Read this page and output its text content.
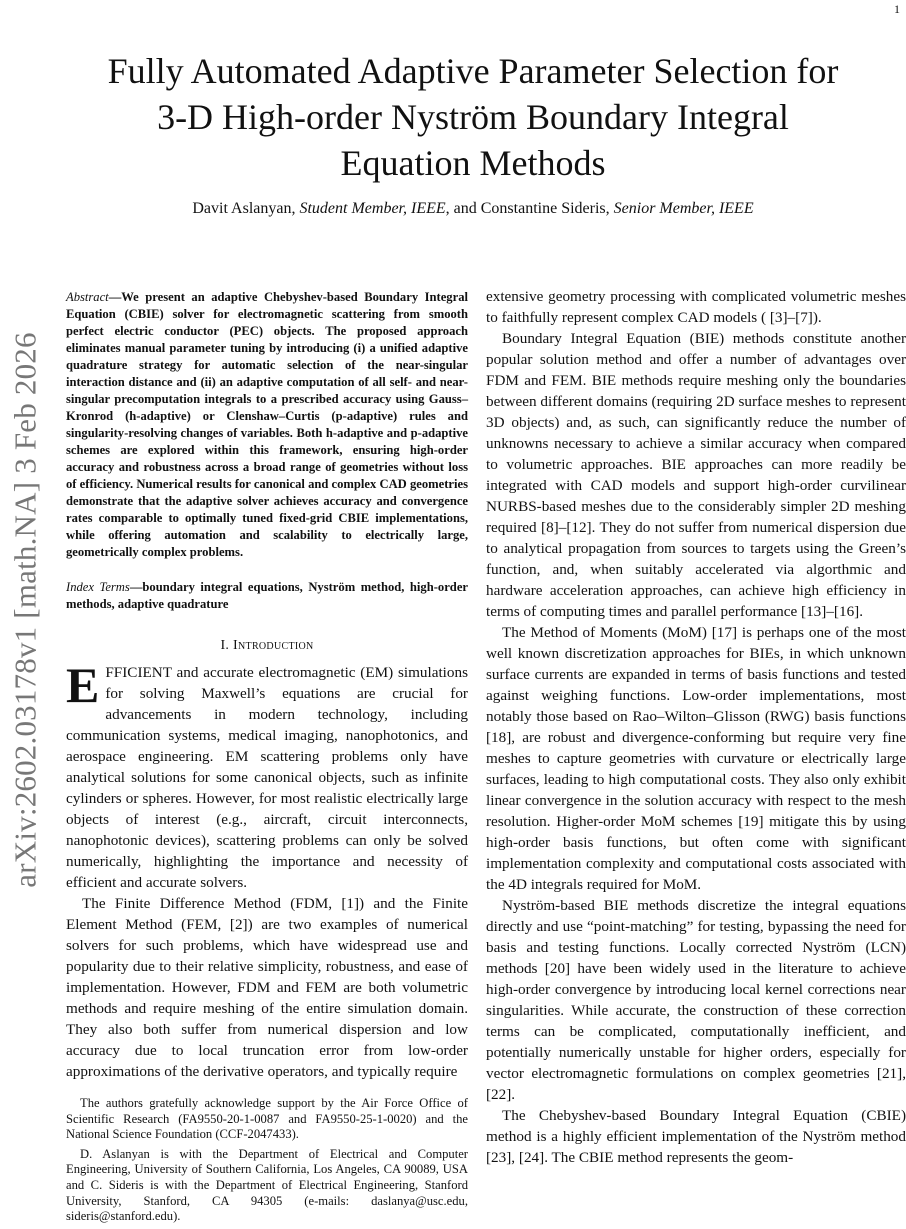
1
arXiv:2602.03178v1 [math.NA] 3 Feb 2026
Fully Automated Adaptive Parameter Selection for
3-D High-order Nyström Boundary Integral
Equation Methods
Davit Aslanyan, Student Member, IEEE, and Constantine Sideris, Senior Member, IEEE

Abstract—We present an adaptive Chebyshev-based Boundary Integral Equation (CBIE) solver for electromagnetic scattering from smooth perfect electric conductor (PEC) objects. The proposed approach eliminates manual parameter tuning by introducing (i) a unified adaptive quadrature strategy for automatic selection of the near-singular interaction distance and (ii) an adaptive computation of all self- and near-singular precomputation integrals to a prescribed accuracy using Gauss–Kronrod (h-adaptive) or Clenshaw–Curtis (p-adaptive) rules and singularity-resolving changes of variables. Both h-adaptive and p-adaptive schemes are explored within this framework, ensuring high-order accuracy and robustness across a broad range of geometries without loss of efficiency. Numerical results for canonical and complex CAD geometries demonstrate that the adaptive solver achieves accuracy and convergence rates comparable to optimally tuned fixed-grid CBIE implementations, while offering automation and scalability to electrically large, geometrically complex problems.

Index Terms—boundary integral equations, Nyström method, high-order methods, adaptive quadrature

I. Introduction

EFFICIENT and accurate electromagnetic (EM) simulations for solving Maxwell’s equations are crucial for advancements in modern technology, including communication systems, medical imaging, nanophotonics, and aerospace engineering. EM scattering problems only have analytical solutions for some canonical objects, such as infinite cylinders or spheres. However, for most realistic electrically large objects of interest (e.g., aircraft, circuit interconnects, nanophotonic devices), scattering problems can only be solved numerically, highlighting the importance and necessity of efficient and accurate solvers.

The Finite Difference Method (FDM, [1]) and the Finite Element Method (FEM, [2]) are two examples of numerical solvers for such problems, which have widespread use and popularity due to their relative simplicity, robustness, and ease of implementation. However, FDM and FEM are both volumetric methods and require meshing of the entire simulation domain. They also both suffer from numerical dispersion and low accuracy due to local truncation error from low-order approximations of the derivative operators, and typically require

extensive geometry processing with complicated volumetric meshes to faithfully represent complex CAD models ( [3]–[7]).

Boundary Integral Equation (BIE) methods constitute another popular solution method and offer a number of advantages over FDM and FEM. BIE methods require meshing only the boundaries between different domains (requiring 2D surface meshes to represent 3D objects) and, as such, can significantly reduce the number of unknowns necessary to achieve a similar accuracy when compared to volumetric approaches. BIE approaches can more readily be integrated with CAD models and support high-order curvilinear NURBS-based meshes due to the considerably simpler 2D meshing required [8]–[12]. They do not suffer from numerical dispersion due to analytical propagation from sources to targets using the Green’s function, and, when suitably accelerated via algorthmic and hardware acceleration approaches, can achieve high efficiency in terms of computing times and parallel performance [13]–[16].

The Method of Moments (MoM) [17] is perhaps one of the most well known discretization approaches for BIEs, in which unknown surface currents are expanded in terms of basis functions and tested against weighing functions. Low-order implementations, most notably those based on Rao–Wilton–Glisson (RWG) basis functions [18], are robust and divergence-conforming but require very fine meshes to capture geometries with curvature or electrically large surfaces, leading to high computational costs. They also only exhibit linear convergence in the solution accuracy with respect to the mesh resolution. Higher-order MoM schemes [19] mitigate this by using high-order basis functions, but often come with significant implementation complexity and computational costs associated with the 4D integrals required for MoM.

Nyström-based BIE methods discretize the integral equations directly and use “point-matching” for testing, bypassing the need for basis and testing functions. Locally corrected Nyström (LCN) methods [20] have been widely used in the literature to achieve high-order convergence by introducing local kernel corrections near singularities. While accurate, the construction of these correction terms can be complicated, computationally inefficient, and potentially numerically unstable for higher orders, especially for vector electromagnetic formulations on complex geometries [21], [22].

The Chebyshev-based Boundary Integral Equation (CBIE) method is a highly efficient implementation of the Nyström method [23], [24]. The CBIE method represents the geom-

The authors gratefully acknowledge support by the Air Force Office of Scientific Research (FA9550-20-1-0087 and FA9550-25-1-0020) and the National Science Foundation (CCF-2047433).

D. Aslanyan is with the Department of Electrical and Computer Engineering, University of Southern California, Los Angeles, CA 90089, USA and C. Sideris is with the Department of Electrical Engineering, Stanford University, Stanford, CA 94305 (e-mails: daslanya@usc.edu, sideris@stanford.edu).
